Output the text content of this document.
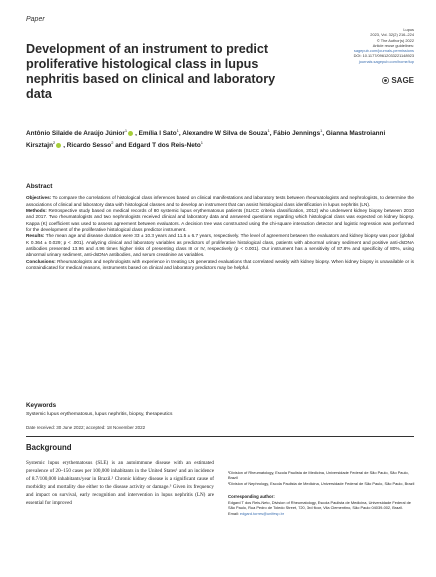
Paper
Development of an instrument to predict proliferative histological class in lupus nephritis based on clinical and laboratory data
Lupus
2023, Vol. 32(2) 216–224
© The Author(s) 2022
Article reuse guidelines:
sagepub.com/journals-permissions
DOI: 10.1177/09612033221148923
journals.sagepub.com/home/lup
SAGE
Antônio Silaide de Araújo Júnior$^1$ , Emília I Sato$^1$, Alexandre W Silva de Souza$^1$, Fábio Jennings$^1$, Gianna Mastroianni Kirsztajn$^2$ , Ricardo Sesso$^2$ and Edgard T dos Reis-Neto$^1$
Abstract

Objectives: To compare the correlations of histological class inferences based on clinical manifestations and laboratory tests between rheumatologists and nephrologists, to determine the associations of clinical and laboratory data with histological classes and to develop an instrument that can assist histological class identification in lupus nephritis (LN).

Methods: Retrospective study based on medical records of 80 systemic lupus erythematosus patients (SLICC criteria classification, 2012) who underwent kidney biopsy between 2010 and 2017. Two rheumatologists and two nephrologists received clinical and laboratory data and answered questions regarding which histological class was expected on kidney biopsy. Kappa (K) coefficient was used to assess agreement between evaluators. A decision tree was constructed using the chi-square interaction detector and logistic regression was performed for the development of the proliferative histological class predictor instrument.

Results: The mean age and disease duration were 33 ± 10.3 years and 11.5 ± 6.7 years, respectively. The level of agreement between the evaluators and kidney biopsy was poor (global K 0.364 ± 0.029; p < .001). Analyzing clinical and laboratory variables as predictors of proliferative histological class, patients with abnormal urinary sediment and positive anti-dsDNA antibodies presented 13.96 and 4.96 times higher risks of presenting class III or IV, respectively (p < 0.001). Our instrument has a sensitivity of 87.8% and specificity of 80%, using abnormal urinary sediment, anti-dsDNA antibodies, and serum creatinine as variables.

Conclusions: Rheumatologists and nephrologists with experience in treating LN generated evaluations that correlated weakly with kidney biopsy. When kidney biopsy is unavailable or is contraindicated for medical reasons, instruments based on clinical and laboratory predictors may be helpful.

Keywords
Systemic lupus erythematosus, lupus nephritis, biopsy, therapeutics
Date received: 30 June 2022; accepted: 18 November 2022
Background

Systemic lupus erythematosus (SLE) is an autoimmune disease with an estimated prevalence of 20–150 cases per 100,000 inhabitants in the United States¹ and an incidence of 8.7/100,000 inhabitants/year in Brazil.² Chronic kidney disease is a significant cause of morbidity and mortality due either to the disease activity or damage.³ Given its frequency and impact on survival, early recognition and intervention in lupus nephritis (LN) are essential for improved

¹Division of Rheumatology, Escola Paulista de Medicina, Universidade Federal de São Paulo, São Paulo, Brazil

²Division of Nephrology, Escola Paulista de Medicina, Universidade Federal de São Paulo, São Paulo, Brazil

Corresponding author:
Edgard T dos Reis-Neto, Division of Rheumatology, Escola Paulista de Medicina, Universidade Federal de São Paulo, Rua Pedro de Toledo Street, 720, 3rd floor, Vila Clementino, São Paulo 04039-002, Brazil.
Email: edgard.torres@unifesp.br
